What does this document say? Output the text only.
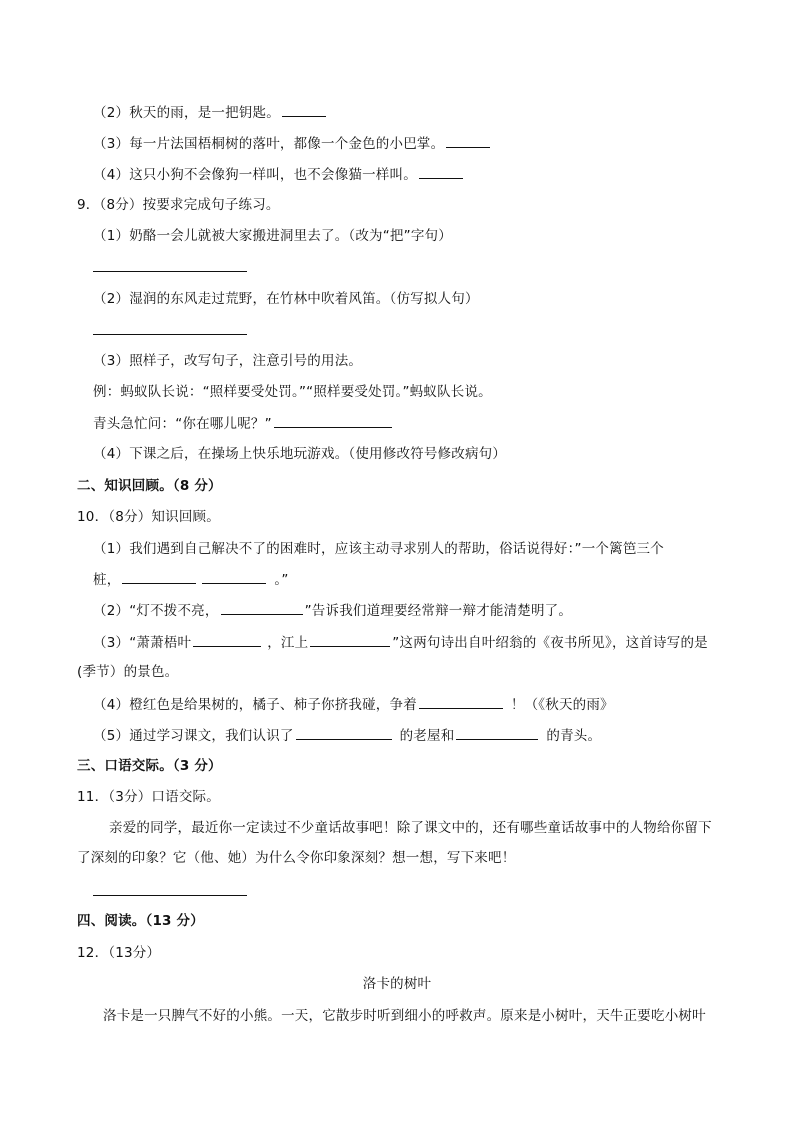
（2）秋天的雨，是一把钥匙。
（3）每一片法国梧桐树的落叶，都像一个金色的小巴掌。
（4）这只小狗不会像狗一样叫，也不会像猫一样叫。
9．（8分）按要求完成句子练习。
（1）奶酪一会儿就被大家搬进洞里去了。（改为“把”字句）
（2）湿润的东风走过荒野，在竹林中吹着风笛。（仿写拟人句）
（3）照样子，改写句子，注意引号的用法。
例：蚂蚁队长说：“照样要受处罚。”“照样要受处罚。”蚂蚁队长说。
青头急忙问：“你在哪儿呢？”
（4）下课之后，在操场上快乐地玩游戏。（使用修改符号修改病句）
二、知识回顾。（8 分）
10．（8分）知识回顾。
（1）我们遇到自己解决不了的困难时，应该主动寻求别人的帮助，俗话说得好：”一个篱笆三个
桩，	。”
（2）“灯不拨不亮，	”告诉我们道理要经常辩一辩才能清楚明了。
（3）“萧萧梧叶	，江上	”这两句诗出自叶绍翁的《夜书所见》，这首诗写的是
(季节）的景色。
（4）橙红色是给果树的，橘子、柿子你挤我碰，争着	！（《秋天的雨》
（5）通过学习课文，我们认识了	的老屋和	的青头。
三、口语交际。（3 分）
11．（3分）口语交际。
亲爱的同学，最近你一定读过不少童话故事吧！除了课文中的，还有哪些童话故事中的人物给你留下
了深刻的印象？它（他、她）为什么令你印象深刻？想一想，写下来吧！
四、阅读。（13 分）
12．（13分）
洛卡的树叶
洛卡是一只脾气不好的小熊。一天，它散步时听到细小的呼救声。原来是小树叶，天牛正要吃小树叶
